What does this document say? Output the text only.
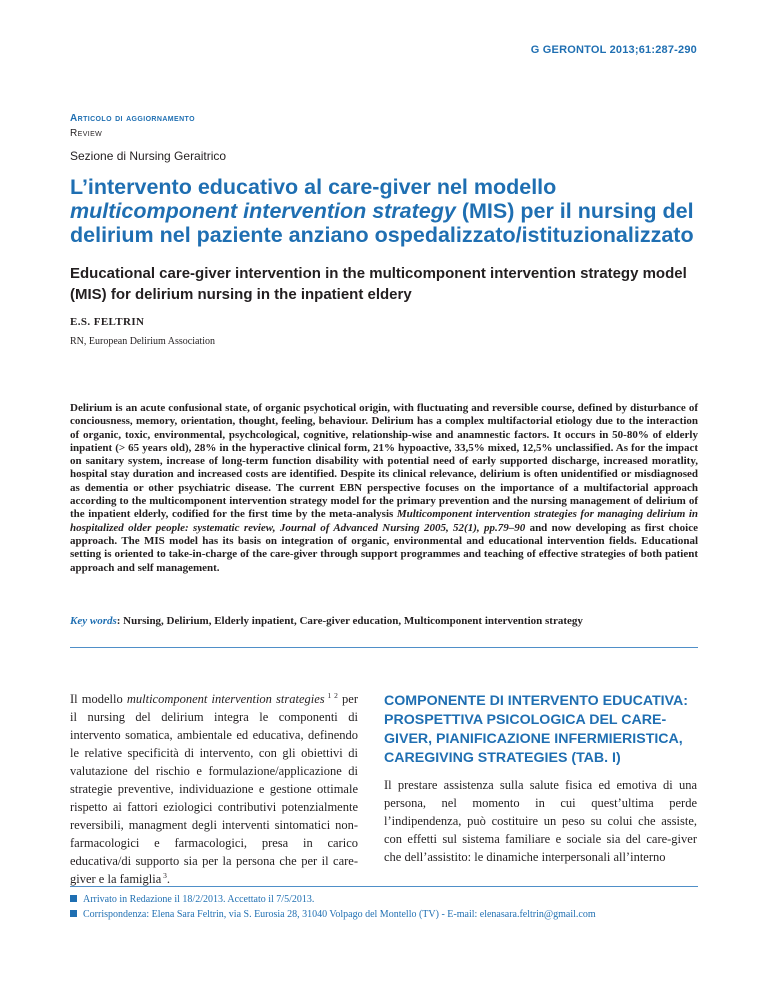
G GERONTOL 2013;61:287-290
Articolo di aggiornamento
Review
Sezione di Nursing Geraitrico
L’intervento educativo al care-giver nel modello multicomponent intervention strategy (MIS) per il nursing del delirium nel paziente anziano ospedalizzato/istituzionalizzato
Educational care-giver intervention in the multicomponent intervention strategy model (MIS) for delirium nursing in the inpatient eldery
E.S. FELTRIN
RN, European Delirium Association

Delirium is an acute confusional state, of organic psychotical origin, with fluctuating and reversible course, defined by disturbance of conciousness, memory, orientation, thought, feeling, behaviour. Delirium has a complex multifactorial etiology due to the interaction of organic, toxic, environmental, psychcological, cognitive, relationship-wise and anamnestic factors. It occurs in 50-80% of elderly inpatient (> 65 years old), 28% in the hyperactive clinical form, 21% hypoactive, 33,5% mixed, 12,5% unclassified. As for the impact on sanitary system, increase of long-term function disability with potential need of early supported discharge, increased moratlity, hospital stay duration and increased costs are identified. Despite its clinical relevance, delirium is often unidentified or misdiagnosed as dementia or other psychiatric disease. The current EBN perspective focuses on the importance of a multifactorial approach according to the multicomponent intervention strategy model for the primary prevention and the nursing management of delirium of the inpatient elderly, codified for the first time by the meta-analysis Multicomponent intervention strategies for managing delirium in hospitalized older people: systematic review, Journal of Advanced Nursing 2005, 52(1), pp.79–90 and now developing as first choice approach. The MIS model has its basis on integration of organic, environmental and educational intervention fields. Educational setting is oriented to take-in-charge of the care-giver through support programmes and teaching of effective strategies of both patient approach and self management.

Key words: Nursing, Delirium, Elderly inpatient, Care-giver education, Multicomponent intervention strategy

Il modello multicomponent intervention strategies $^{1 2}$ per il nursing del delirium integra le componenti di intervento somatica, ambientale ed educativa, definendo le relative specificità di intervento, con gli obiettivi di valutazione del rischio e formulazione/applicazione di strategie preventive, individuazione e gestione ottimale rispetto ai fattori eziologici contributivi potenzialmente reversibili, managment degli interventi sintomatici non-farmacologici e farmacologici, presa in carico educativa/di supporto sia per la persona che per il care-giver e la famiglia $^3$.

COMPONENTE DI INTERVENTO EDUCATIVA: PROSPETTIVA PSICOLOGICA DEL CARE-GIVER, PIANIFICAZIONE INFERMIERISTICA, CAREGIVING STRATEGIES (TAB. I)

Il prestare assistenza sulla salute fisica ed emotiva di una persona, nel momento in cui quest’ultima perde l’indipendenza, può costituire un peso su colui che assiste, con effetti sul sistema familiare e sociale sia del care-giver che dell’assistito: le dinamiche interpersonali all’interno

Arrivato in Redazione il 18/2/2013. Accettato il 7/5/2013.
Corrispondenza: Elena Sara Feltrin, via S. Eurosia 28, 31040 Volpago del Montello (TV) - E-mail: elenasara.feltrin@gmail.com
